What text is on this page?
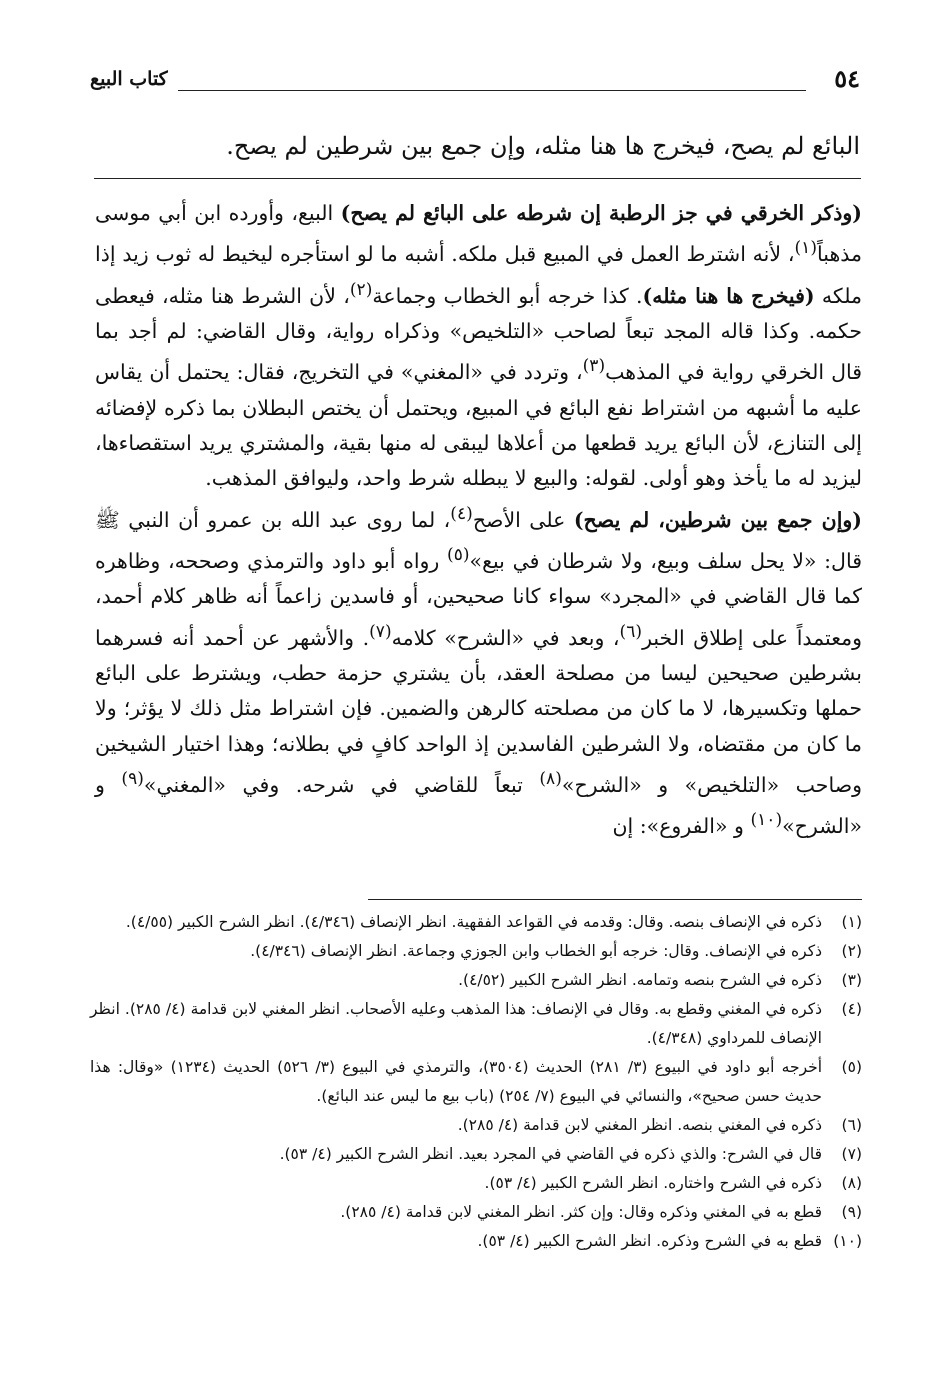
٥٤
كتاب البيع
البائع لم يصح، فيخرج ها هنا مثله، وإن جمع بين شرطين لم يصح.

(وذكر الخرقي في جز الرطبة إن شرطه على البائع لم يصح) البيع، وأورده ابن أبي موسى مذهباً$^{(١)}$، لأنه اشترط العمل في المبيع قبل ملكه. أشبه ما لو استأجره ليخيط له ثوب زيد إذا ملكه (فيخرج ها هنا مثله). كذا خرجه أبو الخطاب وجماعة$^{(٢)}$، لأن الشرط هنا مثله، فيعطى حكمه. وكذا قاله المجد تبعاً لصاحب «التلخيص» وذكراه رواية، وقال القاضي: لم أجد بما قال الخرقي رواية في المذهب$^{(٣)}$، وتردد في «المغني» في التخريج، فقال: يحتمل أن يقاس عليه ما أشبهه من اشتراط نفع البائع في المبيع، ويحتمل أن يختص البطلان بما ذكره لإفضائه إلى التنازع، لأن البائع يريد قطعها من أعلاها ليبقى له منها بقية، والمشتري يريد استقصاءها، ليزيد له ما يأخذ وهو أولى. لقوله: والبيع لا يبطله شرط واحد، وليوافق المذهب.

(وإن جمع بين شرطين، لم يصح) على الأصح$^{(٤)}$، لما روى عبد الله بن عمرو أن النبي ﷺ قال: «لا يحل سلف وبيع، ولا شرطان في بيع»$^{(٥)}$ رواه أبو داود والترمذي وصححه، وظاهره كما قال القاضي في «المجرد» سواء كانا صحيحين، أو فاسدين زاعماً أنه ظاهر كلام أحمد، ومعتمداً على إطلاق الخبر$^{(٦)}$، وبعد في «الشرح» كلامه$^{(٧)}$. والأشهر عن أحمد أنه فسرهما بشرطين صحيحين ليسا من مصلحة العقد، بأن يشتري حزمة حطب، ويشترط على البائع حملها وتكسيرها، لا ما كان من مصلحته كالرهن والضمين. فإن اشتراط مثل ذلك لا يؤثر؛ ولا ما كان من مقتضاه، ولا الشرطين الفاسدين إذ الواحد كافٍ في بطلانه؛ وهذا اختيار الشيخين وصاحب «التلخيص» و «الشرح»$^{(٨)}$ تبعاً للقاضي في شرحه. وفي «المغني»$^{(٩)}$ و «الشرح»$^{(١٠)}$ و «الفروع»: إن

(١)
ذكره في الإنصاف بنصه. وقال: وقدمه في القواعد الفقهية. انظر الإنصاف (٤/٣٤٦). انظر الشرح الكبير (٤/٥٥).
(٢)
ذكره في الإنصاف. وقال: خرجه أبو الخطاب وابن الجوزي وجماعة. انظر الإنصاف (٤/٣٤٦).
(٣)
ذكره في الشرح بنصه وتمامه. انظر الشرح الكبير (٤/٥٢).
(٤)
ذكره في المغني وقطع به. وقال في الإنصاف: هذا المذهب وعليه الأصحاب. انظر المغني لابن قدامة (٤/ ٢٨٥). انظر الإنصاف للمرداوي (٤/٣٤٨).
(٥)
أخرجه أبو داود في البيوع (٣/ ٢٨١) الحديث (٣٥٠٤)، والترمذي في البيوع (٣/ ٥٢٦) الحديث (١٢٣٤) «وقال: هذا حديث حسن صحيح»، والنسائي في البيوع (٧/ ٢٥٤) (باب بيع ما ليس عند البائع).
(٦)
ذكره في المغني بنصه. انظر المغني لابن قدامة (٤/ ٢٨٥).
(٧)
قال في الشرح: والذي ذكره في القاضي في المجرد بعيد. انظر الشرح الكبير (٤/ ٥٣).
(٨)
ذكره في الشرح واختاره. انظر الشرح الكبير (٤/ ٥٣).
(٩)
قطع به في المغني وذكره وقال: وإن كثر. انظر المغني لابن قدامة (٤/ ٢٨٥).
(١٠)
قطع به في الشرح وذكره. انظر الشرح الكبير (٤/ ٥٣).
